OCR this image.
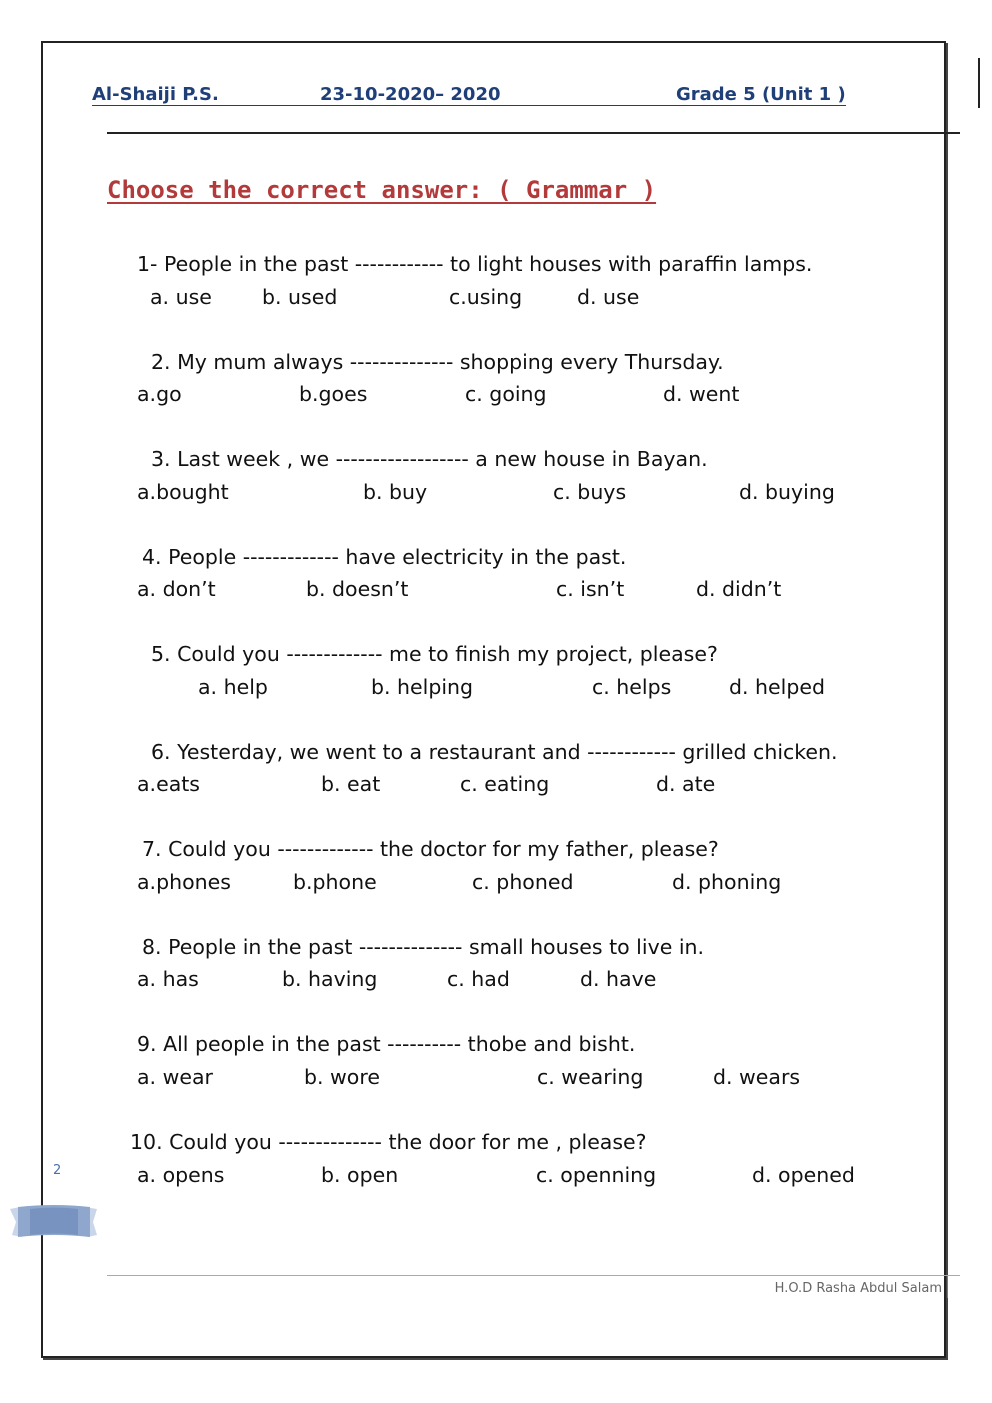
Al-Shaiji P.S.	23-10-2020– 2020	Grade 5 (Unit 1 )
Choose the correct answer: ( Grammar )
1- People in the past ------------ to light houses with paraffin lamps.
a. use b. used	c.using	d. use
2. My mum always -------------- shopping every Thursday.
a.go	b.goes	c. going	d. went
3. Last week , we ------------------ a new house in Bayan.
a.bought	b. buy	c. buys	d. buying
4. People ------------- have electricity in the past.
a. don’t	b. doesn’t	c. isn’t	d. didn’t
5. Could you ------------- me to finish my project, please?
a. help	b. helping	c. helps	d. helped
6. Yesterday, we went to a restaurant and ------------ grilled chicken.
a.eats	b. eat	c. eating	d. ate
7. Could you ------------- the doctor for my father, please?
a.phones	b.phone	c. phoned	d. phoning
8. People in the past -------------- small houses to live in.
a. has	b. having	c. had	d. have
9. All people in the past ---------- thobe and bisht.
a. wear	b. wore	c. wearing	d. wears
10. Could you -------------- the door for me , please?
a. opens	b. open	c. openning	d. opened
2
H.O.D Rasha Abdul Salam
